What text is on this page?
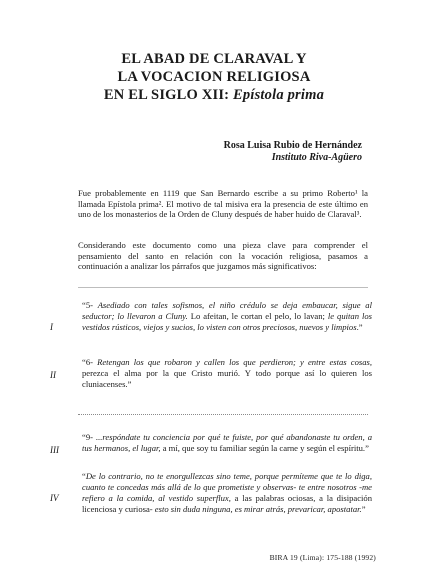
EL ABAD DE CLARAVAL Y
LA VOCACION RELIGIOSA
EN EL SIGLO XII: Epístola prima
Rosa Luisa Rubio de Hernández
Instituto Riva-Agüero
Fue probablemente en 1119 que San Bernardo escribe a su primo Roberto¹ la llamada Epístola prima². El motivo de tal misiva era la presencia de este último en uno de los monasterios de la Orden de Cluny después de haber huido de Claraval³.
Considerando este documento como una pieza clave para comprender el pensamiento del santo en relación con la vocación religiosa, pasamos a continuación a analizar los párrafos que juzgamos más significativos:
I
“5- Asediado con tales sofismos, el niño crédulo se deja embaucar, sigue al seductor; lo llevaron a Cluny. Lo afeitan, le cortan el pelo, lo lavan; le quitan los vestidos rústicos, viejos y sucios, lo visten con otros preciosos, nuevos y limpios.”
II
“6- Retengan los que robaron y callen los que perdieron; y entre estas cosas, perezca el alma por la que Cristo murió. Y todo porque así lo quieren los cluniacenses.”
III
“9- ...respóndate tu conciencia por qué te fuiste, por qué abandonaste tu orden, a tus hermanos, el lugar, a mí, que soy tu familiar según la carne y según el espíritu.”
IV
“De lo contrario, no te enorgullezcas sino teme, porque permíteme que te lo diga, cuanto te concedas más allá de lo que prometiste y observas- te entre nosotros -me refiero a la comida, al vestido superflux, a las palabras ociosas, a la disipación licenciosa y curiosa- esto sin duda ninguna, es mirar atrás, prevaricar, apostatar.”
BIRA 19 (Lima): 175-188 (1992)
